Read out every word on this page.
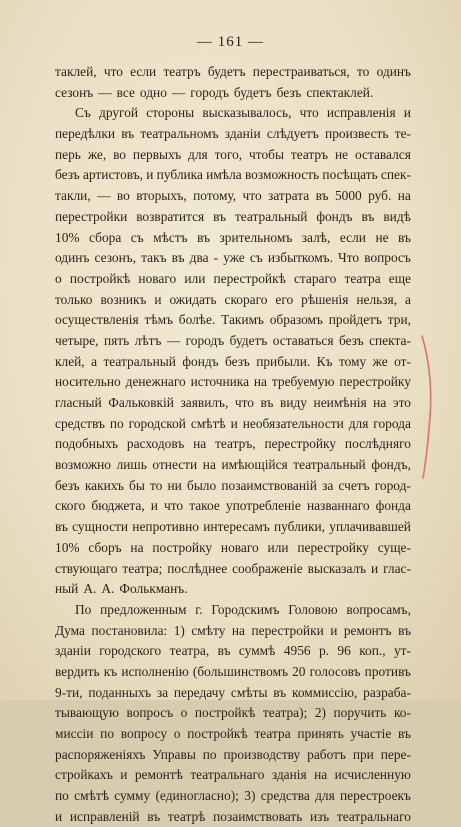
— 161 —
таклей, что если театръ будетъ перестраиваться, то одинъ
сезонъ — все одно — городъ будетъ безъ спектаклей.
Съ другой стороны высказывалось, что исправленія и
передѣлки въ театральномъ зданіи слѣдуетъ произвесть те-
перь же, во первыхъ для того, чтобы театръ не оставался
безъ артистовъ, и публика имѣла возможность посѣщать спек-
такли, — во вторыхъ, потому, что затрата въ 5000 руб. на
перестройки возвратится въ театральный фондъ въ видѣ
10% сбора съ мѣстъ въ зрительномъ залѣ, если не въ
одинъ сезонъ, такъ въ два - уже съ избыткомъ. Что вопросъ
о постройкѣ новаго или перестройкѣ стараго театра еще
только возникъ и ожидать скораго его рѣшенія нельзя, а
осуществленія тѣмъ болѣе. Такимъ образомъ пройдетъ три,
четыре, пять лѣтъ — городъ будетъ оставаться безъ спекта-
клей, а театральный фондъ безъ прибыли. Къ тому же от-
носительно денежнаго источника на требуемую перестройку
гласный Фальковкій заявилъ, что въ виду неимѣнія на это
средствъ по городской смѣтѣ и необязательности для города
подобныхъ расходовъ на театръ, перестройку послѣдняго
возможно лишь отнести на имѣющійся театральный фондъ,
безъ какихъ бы то ни было позаимствованій за счетъ город-
ского бюджета, и что такое употребленіе названнаго фонда
въ сущности непротивно интересамъ публики, уплачивавшей
10% сборъ на постройку новаго или перестройку суще-
ствующаго театра; послѣднее соображеніе высказалъ и глас-
ный А. А. Фолькманъ.
По предложенным г. Городскимъ Головою вопросамъ,
Дума постановила: 1) смѣту на перестройки и ремонтъ въ
зданіи городского театра, въ суммѣ 4956 р. 96 коп., ут-
вердить къ исполненію (большинствомъ 20 голосовъ противъ
9-ти, поданныхъ за передачу смѣты въ коммиссію, разраба-
тывающую вопросъ о постройкѣ театра); 2) поручить ко-
миссіи по вопросу о постройкѣ театра принять участіе въ
распоряженіяхъ Управы по производству работъ при пере-
стройкахъ и ремонтѣ театральнаго зданія на исчисленную
по смѣтѣ сумму (единогласно); 3) средства для перестроекъ
и исправленій въ театрѣ позаимствовать изъ театральнаго
